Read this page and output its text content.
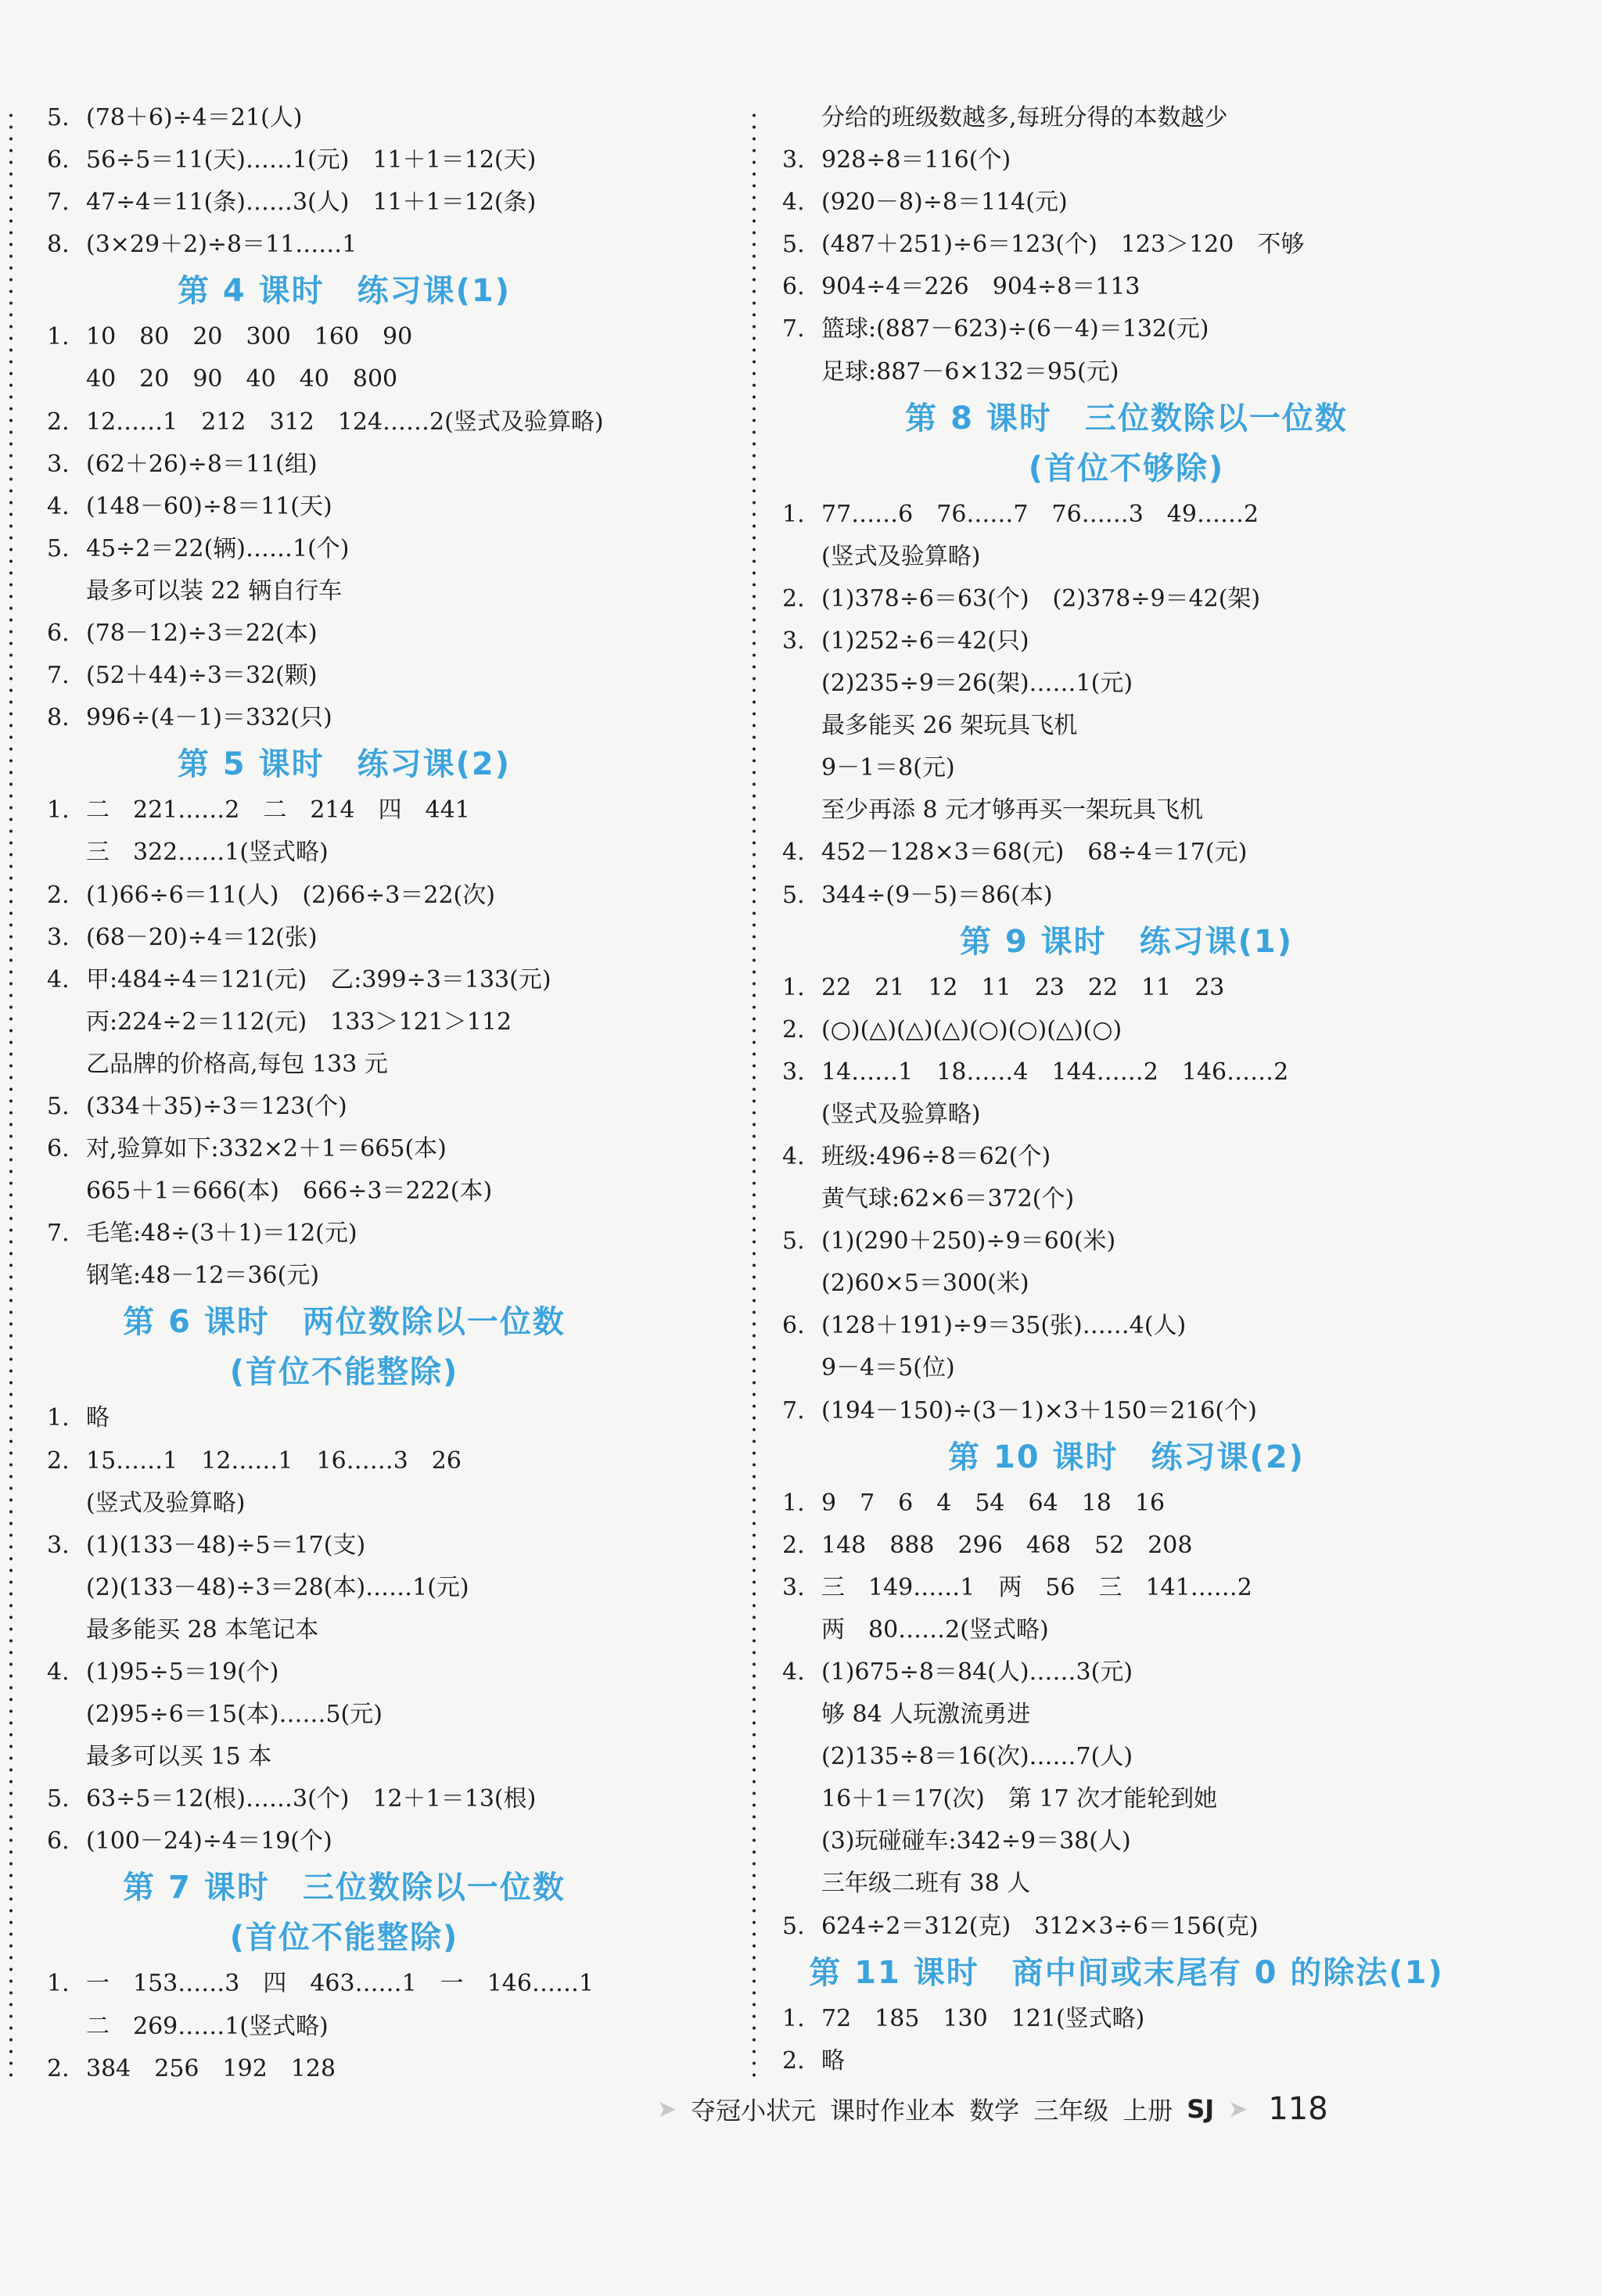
5. (78＋6)÷4＝21(人)
6. 56÷5＝11(天)……1(元)　11＋1＝12(天)
7. 47÷4＝11(条)……3(人)　11＋1＝12(条)
8. (3×29＋2)÷8＝11……1
第 4 课时　练习课(1)
1. 10　80　20　300　160　90
40　20　90　40　40　800
2. 12……1　212　312　124……2(竖式及验算略)
3. (62＋26)÷8＝11(组)
4. (148－60)÷8＝11(天)
5. 45÷2＝22(辆)……1(个)
最多可以装 22 辆自行车
6. (78－12)÷3＝22(本)
7. (52＋44)÷3＝32(颗)
8. 996÷(4－1)＝332(只)
第 5 课时　练习课(2)
1. 二　221……2　二　214　四　441
三　322……1(竖式略)
2. (1)66÷6＝11(人)　(2)66÷3＝22(次)
3. (68－20)÷4＝12(张)
4. 甲:484÷4＝121(元)　乙:399÷3＝133(元)
丙:224÷2＝112(元)　133＞121＞112
乙品牌的价格高,每包 133 元
5. (334＋35)÷3＝123(个)
6. 对,验算如下:332×2＋1＝665(本)
665＋1＝666(本)　666÷3＝222(本)
7. 毛笔:48÷(3＋1)＝12(元)
钢笔:48－12＝36(元)
第 6 课时　两位数除以一位数
(首位不能整除)
1. 略
2. 15……1　12……1　16……3　26
(竖式及验算略)
3. (1)(133－48)÷5＝17(支)
(2)(133－48)÷3＝28(本)……1(元)
最多能买 28 本笔记本
4. (1)95÷5＝19(个)
(2)95÷6＝15(本)……5(元)
最多可以买 15 本
5. 63÷5＝12(根)……3(个)　12＋1＝13(根)
6. (100－24)÷4＝19(个)
第 7 课时　三位数除以一位数
(首位不能整除)
1. 一　153……3　四　463……1　一　146……1
二　269……1(竖式略)
2. 384　256　192　128
分给的班级数越多,每班分得的本数越少
3. 928÷8＝116(个)
4. (920－8)÷8＝114(元)
5. (487＋251)÷6＝123(个)　123＞120　不够
6. 904÷4＝226　904÷8＝113
7. 篮球:(887－623)÷(6－4)＝132(元)
足球:887－6×132＝95(元)
第 8 课时　三位数除以一位数
(首位不够除)
1. 77……6　76……7　76……3　49……2
(竖式及验算略)
2. (1)378÷6＝63(个)　(2)378÷9＝42(架)
3. (1)252÷6＝42(只)
(2)235÷9＝26(架)……1(元)
最多能买 26 架玩具飞机
9－1＝8(元)
至少再添 8 元才够再买一架玩具飞机
4. 452－128×3＝68(元)　68÷4＝17(元)
5. 344÷(9－5)＝86(本)
第 9 课时　练习课(1)
1. 22　21　12　11　23　22　11　23
2. (○)(△)(△)(△)(○)(○)(△)(○)
3. 14……1　18……4　144……2　146……2
(竖式及验算略)
4. 班级:496÷8＝62(个)
黄气球:62×6＝372(个)
5. (1)(290＋250)÷9＝60(米)
(2)60×5＝300(米)
6. (128＋191)÷9＝35(张)……4(人)
9－4＝5(位)
7. (194－150)÷(3－1)×3＋150＝216(个)
第 10 课时　练习课(2)
1. 9　7　6　4　54　64　18　16
2. 148　888　296　468　52　208
3. 三　149……1　两　56　三　141……2
两　80……2(竖式略)
4. (1)675÷8＝84(人)……3(元)
够 84 人玩激流勇进
(2)135÷8＝16(次)……7(人)
16＋1＝17(次)　第 17 次才能轮到她
(3)玩碰碰车:342÷9＝38(人)
三年级二班有 38 人
5. 624÷2＝312(克)　312×3÷6＝156(克)
第 11 课时　商中间或末尾有 0 的除法(1)
1. 72　185　130　121(竖式略)
2. 略
➤ 夺冠小状元 课时作业本 数学 三年级 上册 SJ ➤ 118
